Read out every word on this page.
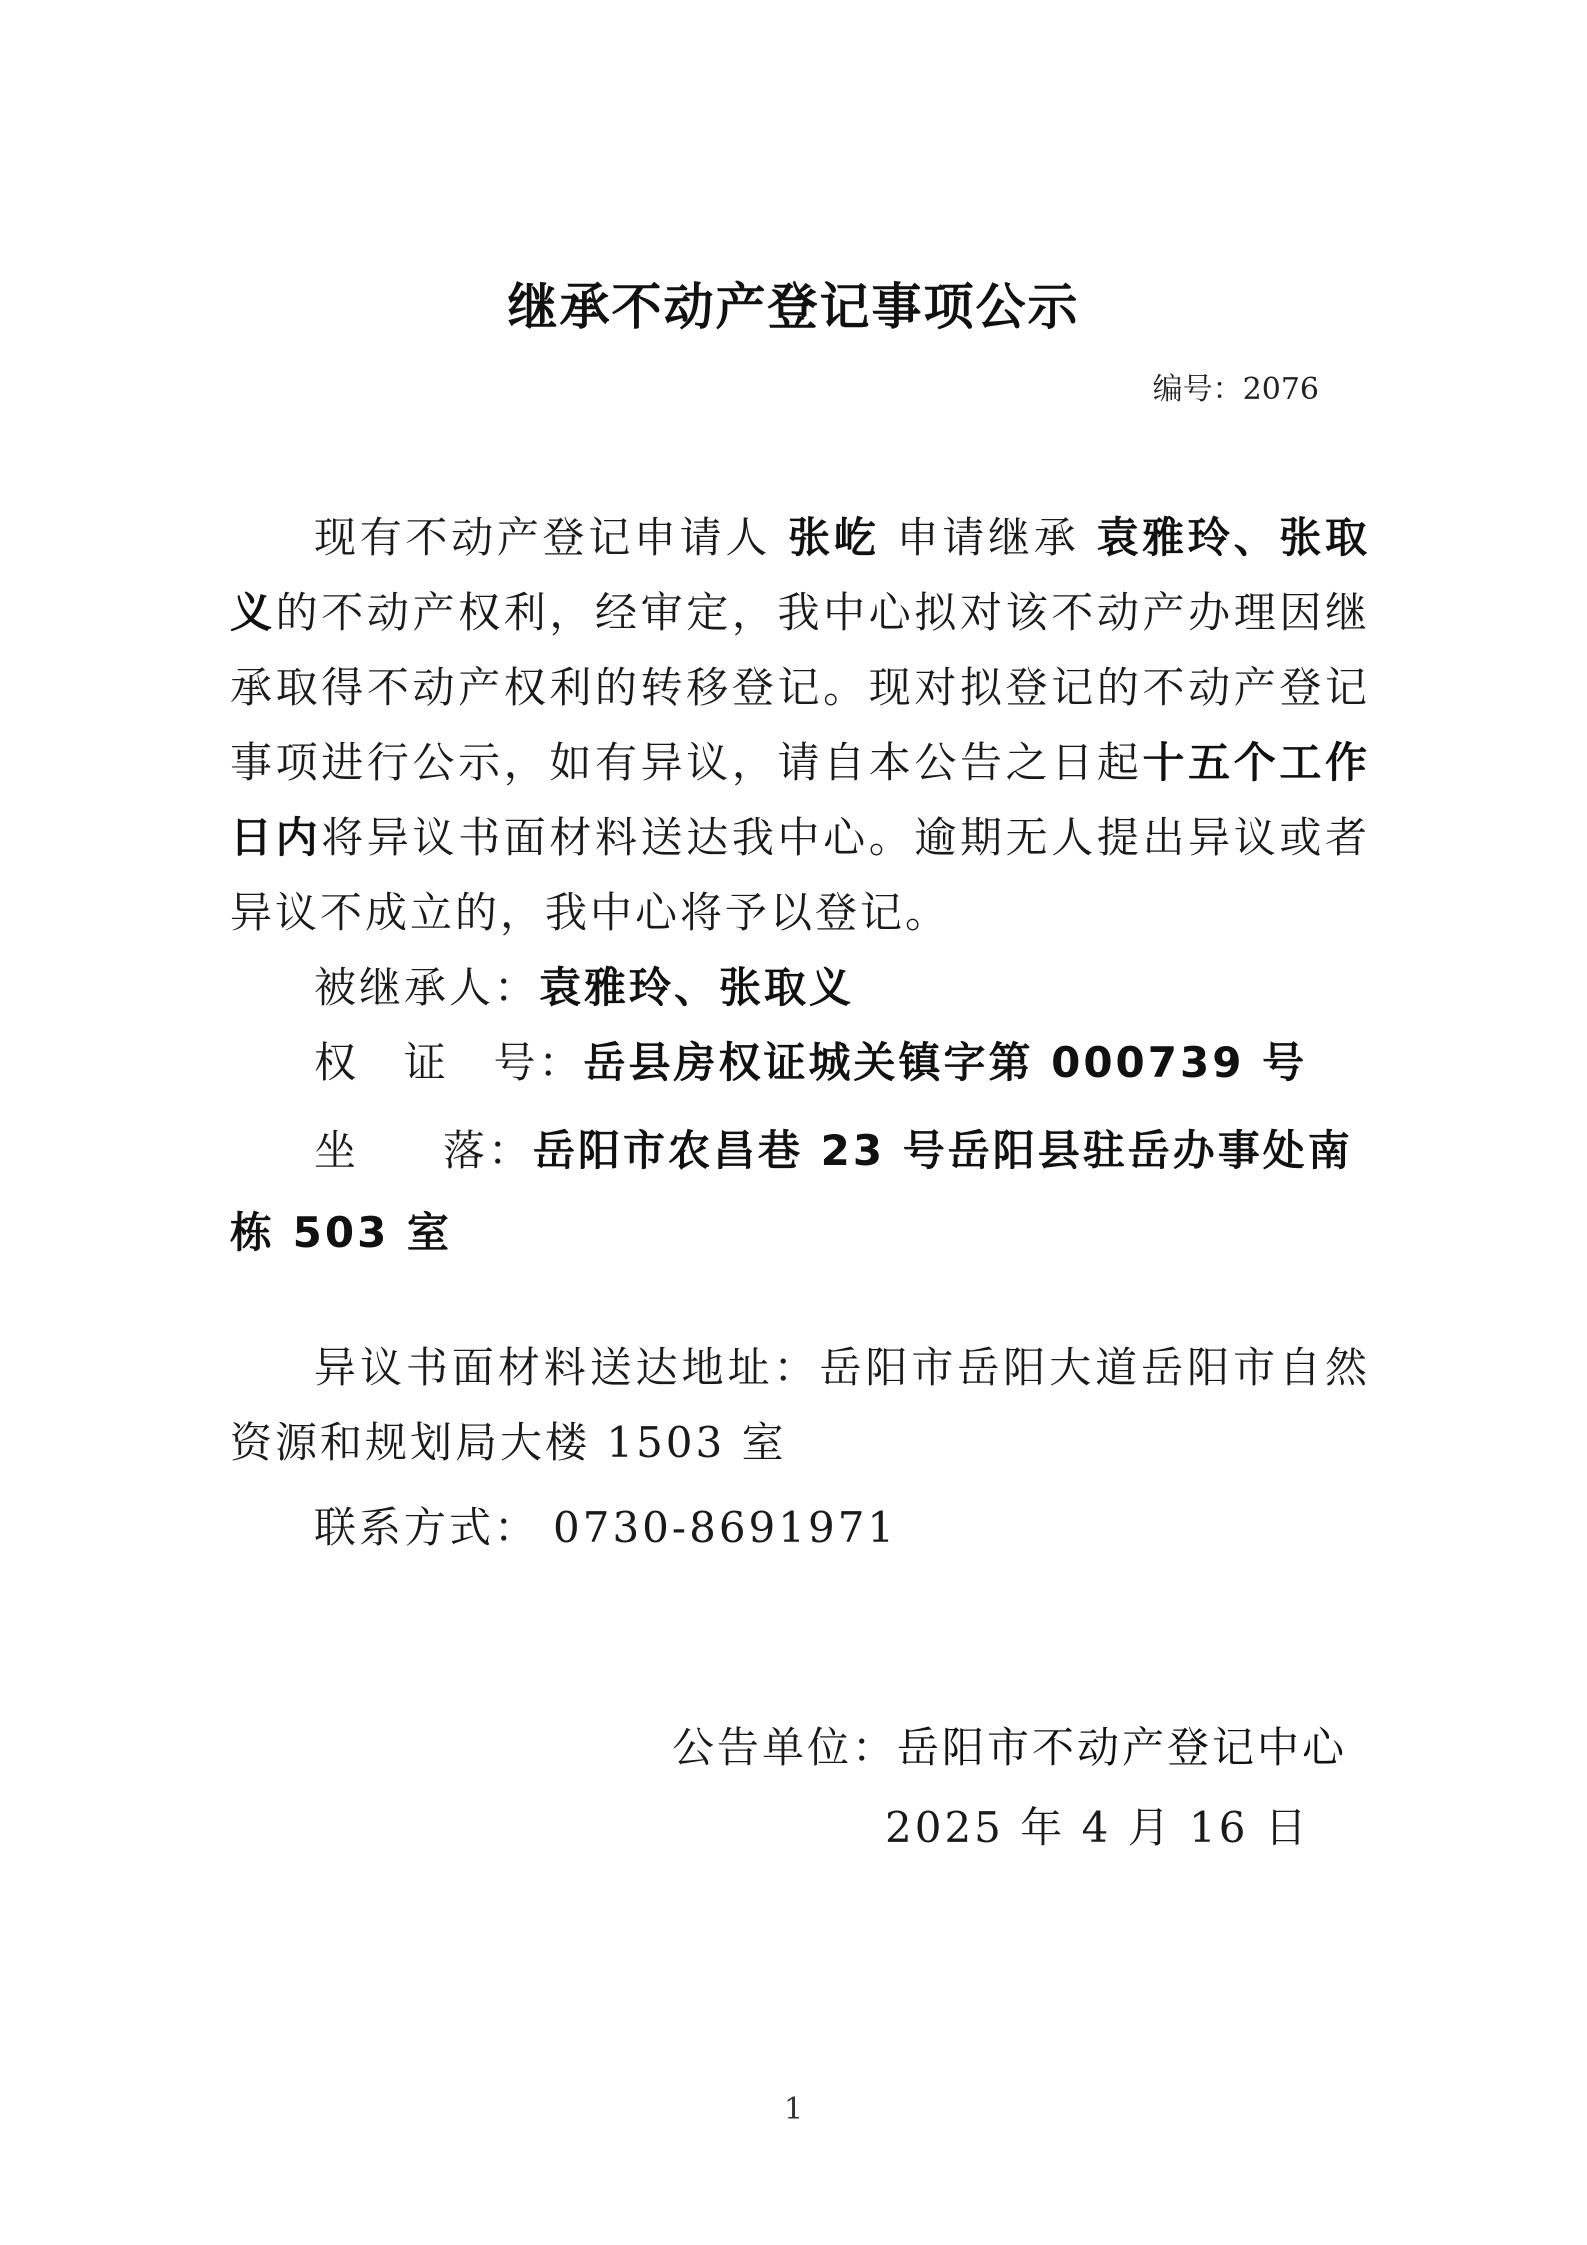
继承不动产登记事项公示
编号：2076

现有不动产登记申请人 张屹 申请继承 袁雅玲、张取义的不动产权利，经审定，我中心拟对该不动产办理因继承取得不动产权利的转移登记。现对拟登记的不动产登记事项进行公示，如有异议，请自本公告之日起十五个工作日内将异议书面材料送达我中心。逾期无人提出异议或者异议不成立的，我中心将予以登记。

被继承人：袁雅玲、张取义
权 证 号：岳县房权证城关镇字第 000739 号
坐 落：岳阳市农昌巷 23 号岳阳县驻岳办事处南栋 503 室

异议书面材料送达地址：岳阳市岳阳大道岳阳市自然资源和规划局大楼 1503 室

联系方式： 0730-8691971
公告单位：岳阳市不动产登记中心
2025 年 4 月 16 日
1
